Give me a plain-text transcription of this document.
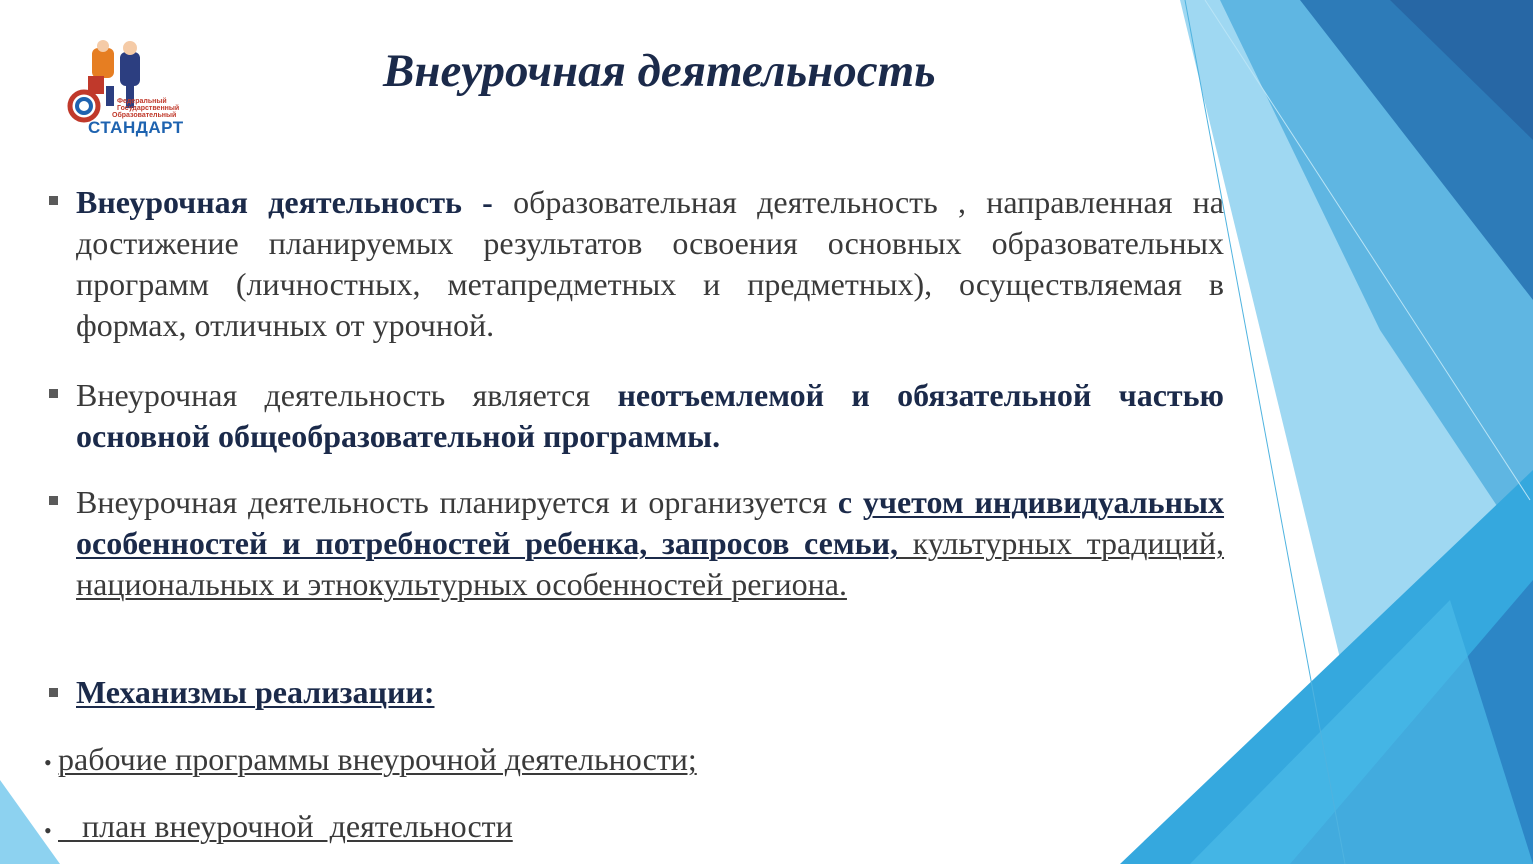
Федеральный
Государственный
Образовательный
СТАНДАРТ
Внеурочная деятельность
Внеурочная деятельность - образовательная деятельность , направленная на достижение планируемых результатов освоения основных образовательных программ (личностных, метапредметных и предметных), осуществляемая в формах, отличных от урочной.
Внеурочная деятельность является неотъемлемой и обязательной частью основной общеобразовательной программы.
Внеурочная деятельность планируется и организуется с учетом индивидуальных особенностей и потребностей ребенка, запросов семьи, культурных традиций, национальных и этнокультурных особенностей региона.
Механизмы реализации:
• рабочие программы внеурочной деятельности;
• план внеурочной  деятельности
